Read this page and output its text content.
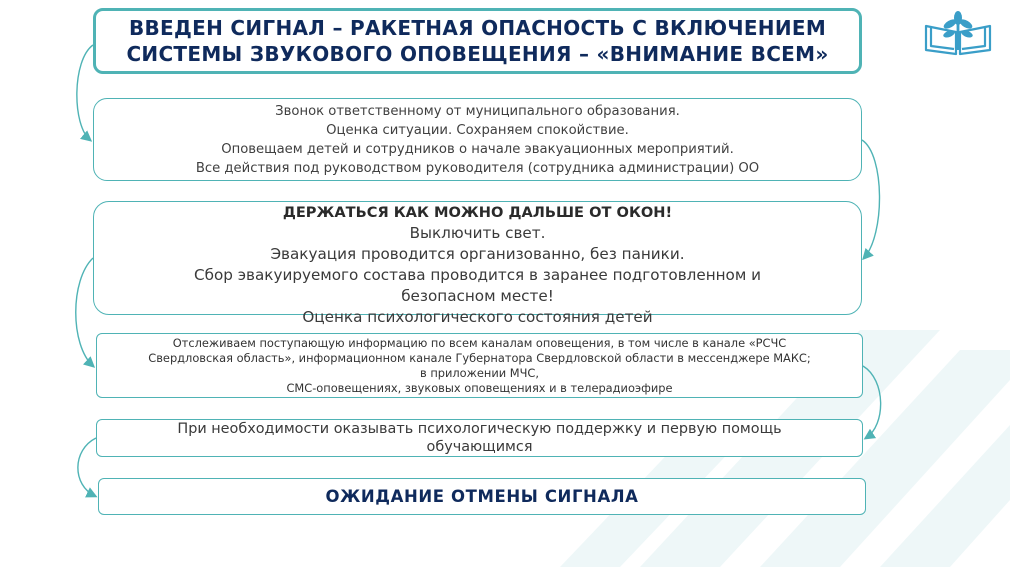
ВВЕДЕН СИГНАЛ – РАКЕТНАЯ ОПАСНОСТЬ С ВКЛЮЧЕНИЕМ
СИСТЕМЫ ЗВУКОВОГО ОПОВЕЩЕНИЯ – «ВНИМАНИЕ ВСЕМ»
Звонок ответственному от муниципального образования.
Оценка ситуации. Сохраняем спокойствие.
Оповещаем детей и сотрудников о начале эвакуационных мероприятий.
Все действия под руководством руководителя (сотрудника администрации) ОО
ДЕРЖАТЬСЯ КАК МОЖНО ДАЛЬШЕ ОТ ОКОН!
Выключить свет.
Эвакуация проводится организованно, без паники.
Сбор эвакуируемого состава проводится в заранее подготовленном и
безопасном месте!
Оценка психологического состояния детей
Отслеживаем поступающую информацию по всем каналам оповещения, в том числе в канале «РСЧС
Свердловская область», информационном канале Губернатора Свердловской области в мессенджере МАКС;
в приложении МЧС,
СМС-оповещениях, звуковых оповещениях и в телерадиоэфире
При необходимости оказывать психологическую поддержку и первую помощь
обучающимся
ОЖИДАНИЕ ОТМЕНЫ СИГНАЛА
